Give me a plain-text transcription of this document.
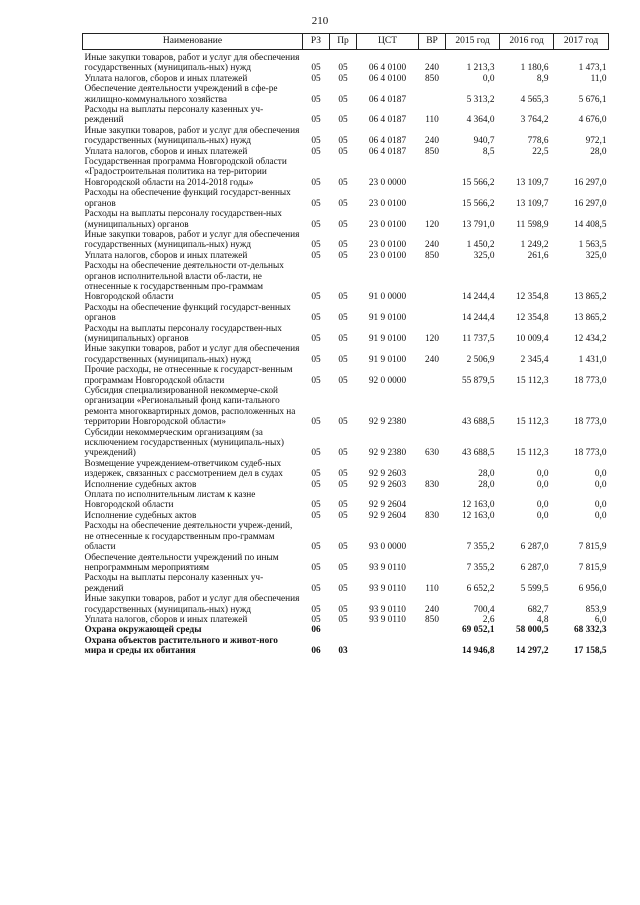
210
Наименование	РЗ	Пр	ЦСТ	ВР	2015 год	2016 год	2017 год
Иные закупки товаров, работ и услуг для обеспечения государственных (муниципаль-ных) нужд	05	05	06 4 0100	240	1 213,3	1 180,6	1 473,1
Уплата налогов, сборов и иных платежей	05	05	06 4 0100	850	0,0	8,9	11,0
Обеспечение деятельности учреждений в сфе-ре жилищно-коммунального хозяйства	05	05	06 4 0187		5 313,2	4 565,3	5 676,1
Расходы на выплаты персоналу казенных уч-реждений	05	05	06 4 0187	110	4 364,0	3 764,2	4 676,0
Иные закупки товаров, работ и услуг для обеспечения государственных (муниципаль-ных) нужд	05	05	06 4 0187	240	940,7	778,6	972,1
Уплата налогов, сборов и иных платежей	05	05	06 4 0187	850	8,5	22,5	28,0
Государственная программа Новгородской области «Градостроительная политика на тер-ритории Новгородской области на 2014-2018 годы»	05	05	23 0 0000		15 566,2	13 109,7	16 297,0
Расходы на обеспечение функций государст-венных органов	05	05	23 0 0100		15 566,2	13 109,7	16 297,0
Расходы на выплаты персоналу государствен-ных (муниципальных) органов	05	05	23 0 0100	120	13 791,0	11 598,9	14 408,5
Иные закупки товаров, работ и услуг для обеспечения государственных (муниципаль-ных) нужд	05	05	23 0 0100	240	1 450,2	1 249,2	1 563,5
Уплата налогов, сборов и иных платежей	05	05	23 0 0100	850	325,0	261,6	325,0
Расходы на обеспечение деятельности от-дельных органов исполнительной власти об-ласти, не отнесенные к государственным про-граммам Новгородской области	05	05	91 0 0000		14 244,4	12 354,8	13 865,2
Расходы на обеспечение функций государст-венных органов	05	05	91 9 0100		14 244,4	12 354,8	13 865,2
Расходы на выплаты персоналу государствен-ных (муниципальных) органов	05	05	91 9 0100	120	11 737,5	10 009,4	12 434,2
Иные закупки товаров, работ и услуг для обеспечения государственных (муниципаль-ных) нужд	05	05	91 9 0100	240	2 506,9	2 345,4	1 431,0
Прочие расходы, не отнесенные к государст-венным программам Новгородской области	05	05	92 0 0000		55 879,5	15 112,3	18 773,0
Субсидия специализированной некоммерче-ской организации «Региональный фонд капи-тального ремонта многоквартирных домов, расположенных на территории Новгородской области»	05	05	92 9 2380		43 688,5	15 112,3	18 773,0
Субсидии некоммерческим организациям (за исключением государственных (муниципаль-ных) учреждений)	05	05	92 9 2380	630	43 688,5	15 112,3	18 773,0
Возмещение учреждением-ответчиком судеб-ных издержек, связанных с рассмотрением дел в судах	05	05	92 9 2603		28,0	0,0	0,0
Исполнение судебных актов	05	05	92 9 2603	830	28,0	0,0	0,0
Оплата по исполнительным листам к казне Новгородской области	05	05	92 9 2604		12 163,0	0,0	0,0
Исполнение судебных актов	05	05	92 9 2604	830	12 163,0	0,0	0,0
Расходы на обеспечение деятельности учреж-дений, не отнесенные к государственным про-граммам области	05	05	93 0 0000		7 355,2	6 287,0	7 815,9
Обеспечение деятельности учреждений по иным непрограммным мероприятиям	05	05	93 9 0110		7 355,2	6 287,0	7 815,9
Расходы на выплаты персоналу казенных уч-реждений	05	05	93 9 0110	110	6 652,2	5 599,5	6 956,0
Иные закупки товаров, работ и услуг для обеспечения государственных (муниципаль-ных) нужд	05	05	93 9 0110	240	700,4	682,7	853,9
Уплата налогов, сборов и иных платежей	05	05	93 9 0110	850	2,6	4,8	6,0
Охрана окружающей среды	06				69 052,1	58 000,5	68 332,3
Охрана объектов растительного и живот-ного мира и среды их обитания	06	03			14 946,8	14 297,2	17 158,5
